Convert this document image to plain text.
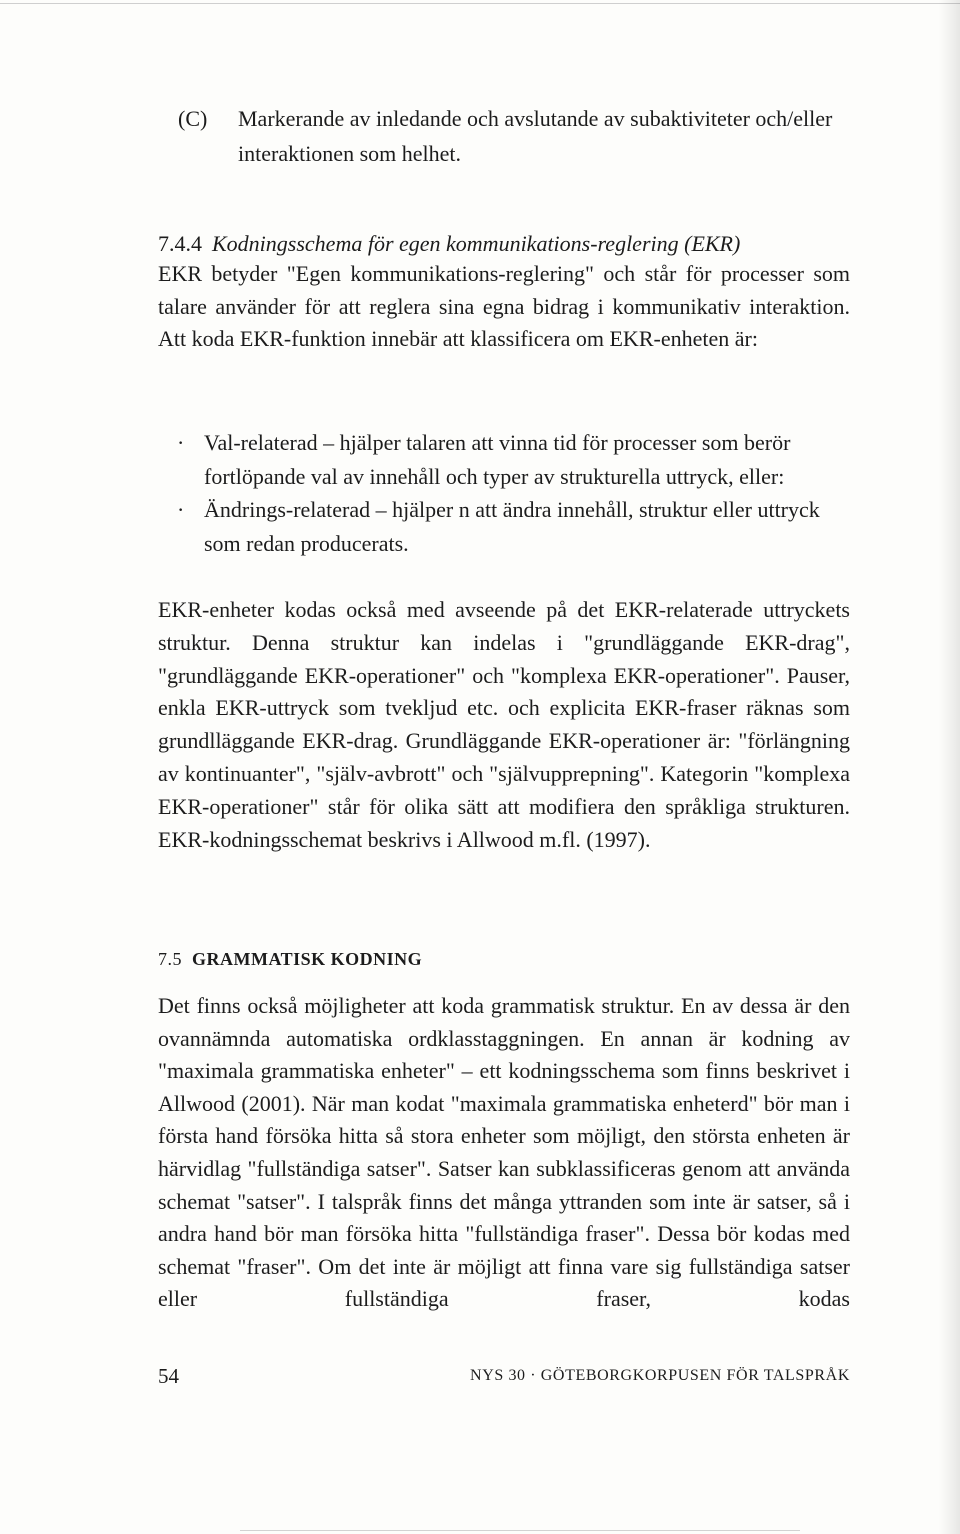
(C) Markerande av inledande och avslutande av subaktiviteter och/eller interaktionen som helhet.
7.4.4 Kodningsschema för egen kommunikations-reglering (EKR)

EKR betyder "Egen kommunikations-reglering" och står för processer som talare använder för att reglera sina egna bidrag i kommunikativ interaktion. Att koda EKR-funktion innebär att klassificera om EKR-enheten är:

· Val-relaterad – hjälper talaren att vinna tid för processer som berör fortlöpande val av innehåll och typer av strukturella uttryck, eller:
· Ändrings-relaterad – hjälper n att ändra innehåll, struktur eller uttryck som redan producerats.

EKR-enheter kodas också med avseende på det EKR-relaterade uttryckets struktur. Denna struktur kan indelas i "grundläggande EKR-drag", "grundläggande EKR-operationer" och "komplexa EKR-operationer". Pauser, enkla EKR-uttryck som tvekljud etc. och explicita EKR-fraser räknas som grundlläggande EKR-drag. Grundläggande EKR-operationer är: "förlängning av kontinuanter", "själv-avbrott" och "självupprepning". Kategorin "komplexa EKR-operationer" står för olika sätt att modifiera den språkliga strukturen. EKR-kodningsschemat beskrivs i Allwood m.fl. (1997).

7.5 GRAMMATISK KODNING

Det finns också möjligheter att koda grammatisk struktur. En av dessa är den ovannämnda automatiska ordklasstaggningen. En annan är kodning av "maximala grammatiska enheter" – ett kodningsschema som finns beskrivet i Allwood (2001). När man kodat "maximala grammatiska enheterd" bör man i första hand försöka hitta så stora enheter som möjligt, den största enheten är härvidlag "fullständiga satser". Satser kan subklassificeras genom att använda schemat "satser". I talspråk finns det många yttranden som inte är satser, så i andra hand bör man försöka hitta "fullständiga fraser". Dessa bör kodas med schemat "fraser". Om det inte är möjligt att finna vare sig fullständiga satser eller fullständiga fraser, kodas

54	NYS 30 · GÖTEBORGKORPUSEN FÖR TALSPRÅK
